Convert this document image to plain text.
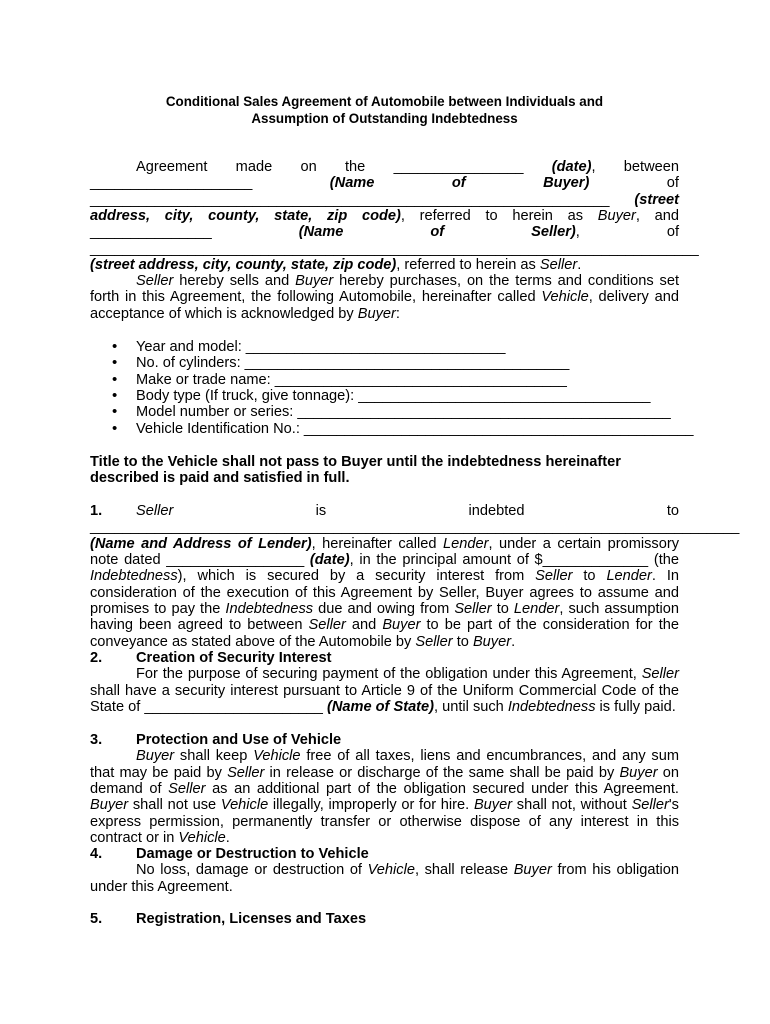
Conditional Sales Agreement of Automobile between Individuals and
Assumption of Outstanding Indebtedness

Agreement made on the ________________ (date), between ____________________ (Name of Buyer) of ________________________________________________________________ (street address, city, county, state, zip code), referred to herein as Buyer, and _______________ (Name of Seller), of ___________________________________________________________________________ (street address, city, county, state, zip code), referred to herein as Seller.

Seller hereby sells and Buyer hereby purchases, on the terms and conditions set forth in this Agreement, the following Automobile, hereinafter called Vehicle, delivery and acceptance of which is acknowledged by Buyer:

• Year and model: ________________________________
• No. of cylinders: ________________________________________
• Make or trade name: ____________________________________
• Body type (If truck, give tonnage): ____________________________________
• Model number or series: ______________________________________________
• Vehicle Identification No.: ________________________________________________

Title to the Vehicle shall not pass to Buyer until the indebtedness hereinafter described is paid and satisfied in full.

1. Seller is indebted to ________________________________________________________________________________ (Name and Address of Lender), hereinafter called Lender, under a certain promissory note dated _________________ (date), in the principal amount of $_____________ (the Indebtedness), which is secured by a security interest from Seller to Lender. In consideration of the execution of this Agreement by Seller, Buyer agrees to assume and promises to pay the Indebtedness due and owing from Seller to Lender, such assumption having been agreed to between Seller and Buyer to be part of the consideration for the conveyance as stated above of the Automobile by Seller to Buyer.
2. Creation of Security Interest
For the purpose of securing payment of the obligation under this Agreement, Seller shall have a security interest pursuant to Article 9 of the Uniform Commercial Code of the State of ______________________ (Name of State), until such Indebtedness is fully paid.
3. Protection and Use of Vehicle
Buyer shall keep Vehicle free of all taxes, liens and encumbrances, and any sum that may be paid by Seller in release or discharge of the same shall be paid by Buyer on demand of Seller as an additional part of the obligation secured under this Agreement. Buyer shall not use Vehicle illegally, improperly or for hire. Buyer shall not, without Seller's express permission, permanently transfer or otherwise dispose of any interest in this contract or in Vehicle.
4. Damage or Destruction to Vehicle
No loss, damage or destruction of Vehicle, shall release Buyer from his obligation under this Agreement.
5. Registration, Licenses and Taxes
